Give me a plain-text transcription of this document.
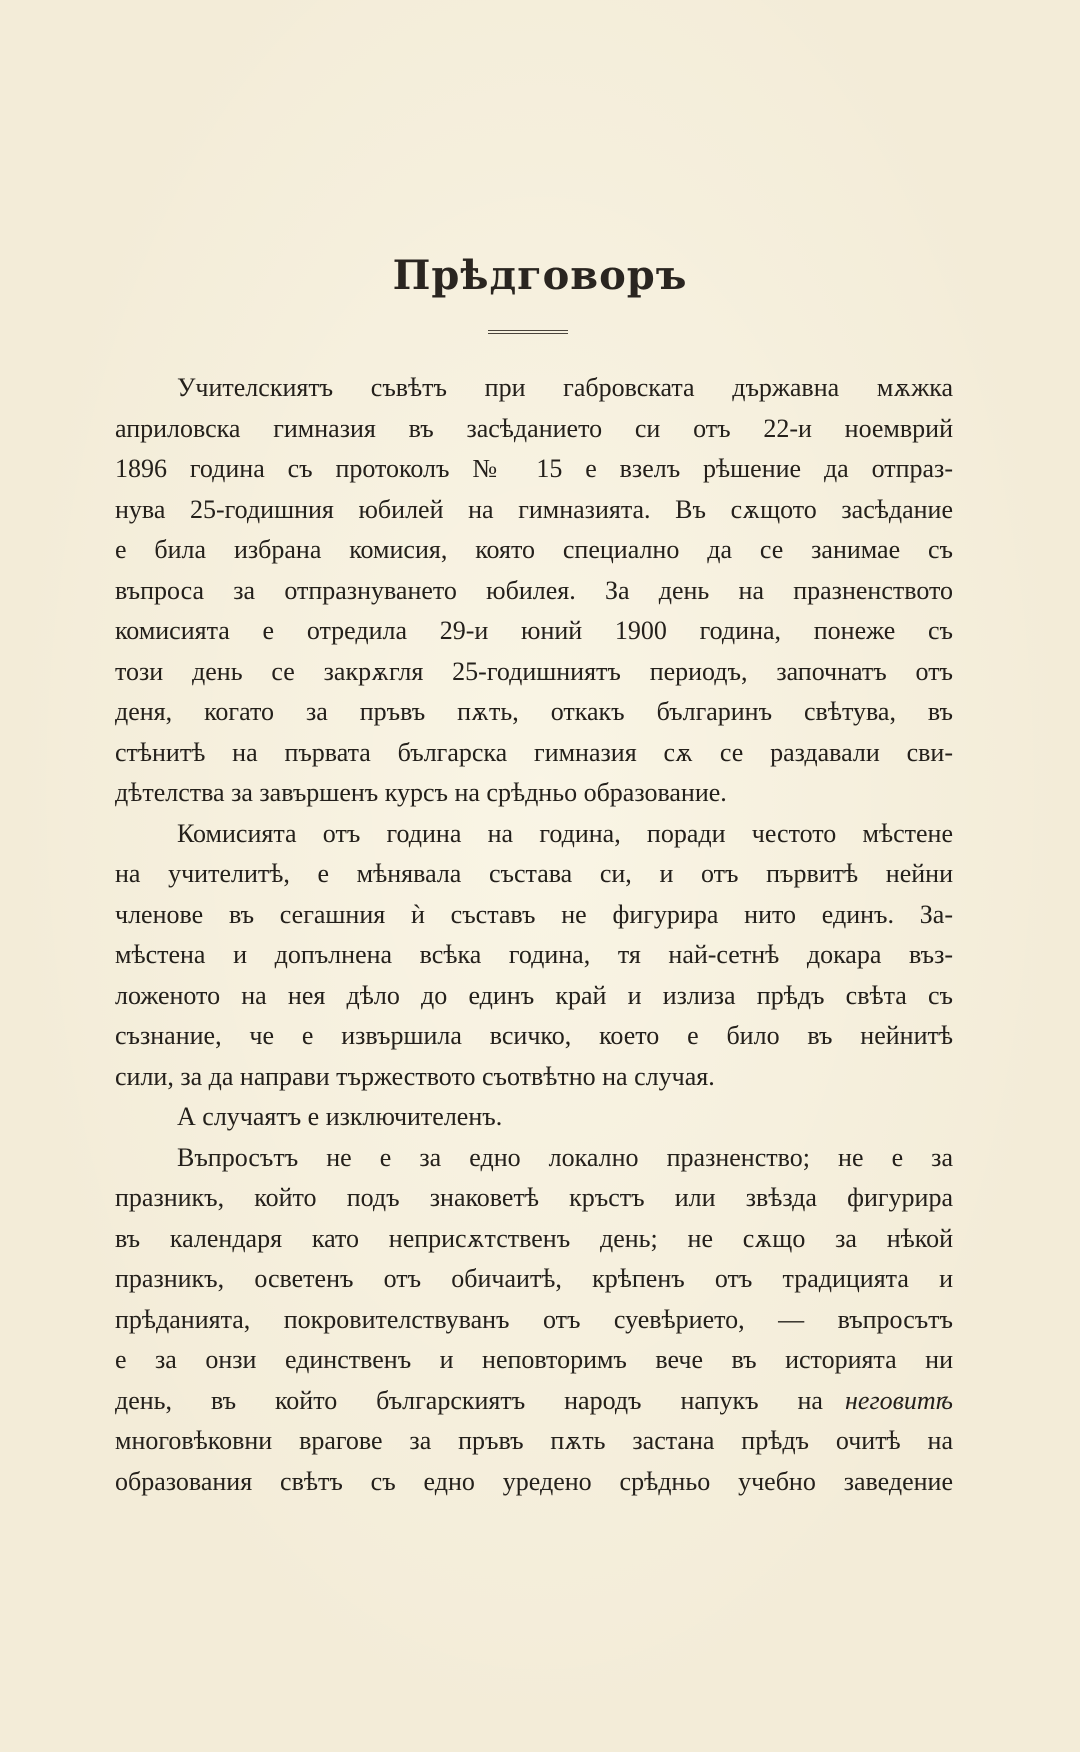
Прѣдговоръ
Учителскиятъ съвѣтъ при габровската държавна мѫжка
априловска гимназия въ засѣданието си отъ 22-и ноемврий
1896 година съ протоколъ № 15 е взелъ рѣшение да отпраз-
нува 25-годишния юбилей на гимназията. Въ сѫщото засѣдание
е била избрана комисия, която специално да се занимае съ
въпроса за отпразнуването юбилея. За день на празненството
комисията е отредила 29-и юний 1900 година, понеже съ
този день се закрѫгля 25-годишниятъ периодъ, започнатъ отъ
деня, когато за пръвъ пѫть, откакъ българинъ свѣтува, въ
стѣнитѣ на първата българска гимназия сѫ се раздавали сви-
дѣтелства за завършенъ курсъ на срѣдньо образование.
Комисията отъ година на година, поради честото мѣстене
на учителитѣ, е мѣнявала състава си, и отъ първитѣ нейни
членове въ сегашния ѝ съставъ не фигурира нито единъ. За-
мѣстена и допълнена всѣка година, тя най-сетнѣ докара въз-
ложеното на нея дѣло до единъ край и излиза прѣдъ свѣта съ
съзнание, че е извършила всичко, което е било въ нейнитѣ
сили, за да направи тържеството съотвѣтно на случая.
А случаятъ е изключителенъ.
Въпросътъ не е за едно локално празненство; не е за
празникъ, който подъ знаковетѣ кръстъ или звѣзда фигурира
въ календаря като неприсѫтственъ день; не сѫщо за нѣкой
празникъ, осветенъ отъ обичаитѣ, крѣпенъ отъ традицията и
прѣданията, покровителствуванъ отъ суевѣрието, — въпросътъ
е за онзи единственъ и неповторимъ вече въ историята ни
день, въ който българскиятъ народъ напукъ на неговитѣ
многовѣковни врагове за пръвъ пѫть застана прѣдъ очитѣ на
образования свѣтъ съ едно уредено срѣдньо учебно заведение
